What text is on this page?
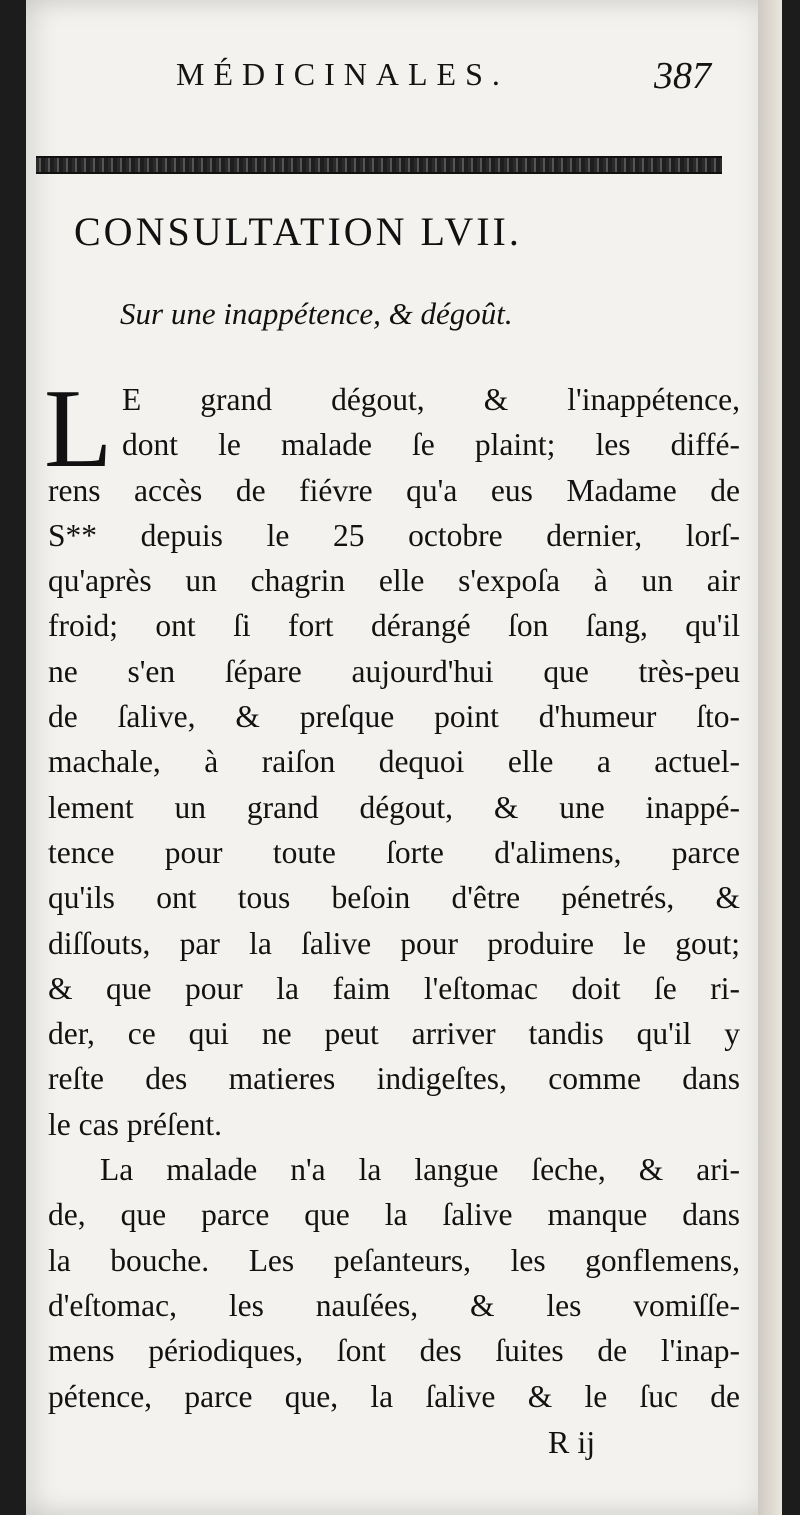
MÉDICINALES.	387
CONSULTATION LVII.
Sur une inappétence, & dégoût.
L E grand dégout, & l'inappétence,
dont le malade ſe plaint; les diffé-
rens accès de fiévre qu'a eus Madame de
S** depuis le 25 octobre dernier, lorſ-
qu'après un chagrin elle s'expoſa à un air
froid; ont ſi fort dérangé ſon ſang, qu'il
ne s'en ſépare aujourd'hui que très-peu
de ſalive, & preſque point d'humeur ſto-
machale, à raiſon dequoi elle a actuel-
lement un grand dégout, & une inappé-
tence pour toute ſorte d'alimens, parce
qu'ils ont tous beſoin d'être pénetrés, &
diſſouts, par la ſalive pour produire le gout;
& que pour la faim l'eſtomac doit ſe ri-
der, ce qui ne peut arriver tandis qu'il y
reſte des matieres indigeſtes, comme dans
le cas préſent.
La malade n'a la langue ſeche, & ari-
de, que parce que la ſalive manque dans
la bouche. Les peſanteurs, les gonflemens,
d'eſtomac, les nauſées, & les vomiſſe-
mens périodiques, ſont des ſuites de l'inap-
pétence, parce que, la ſalive & le ſuc de
R ij
